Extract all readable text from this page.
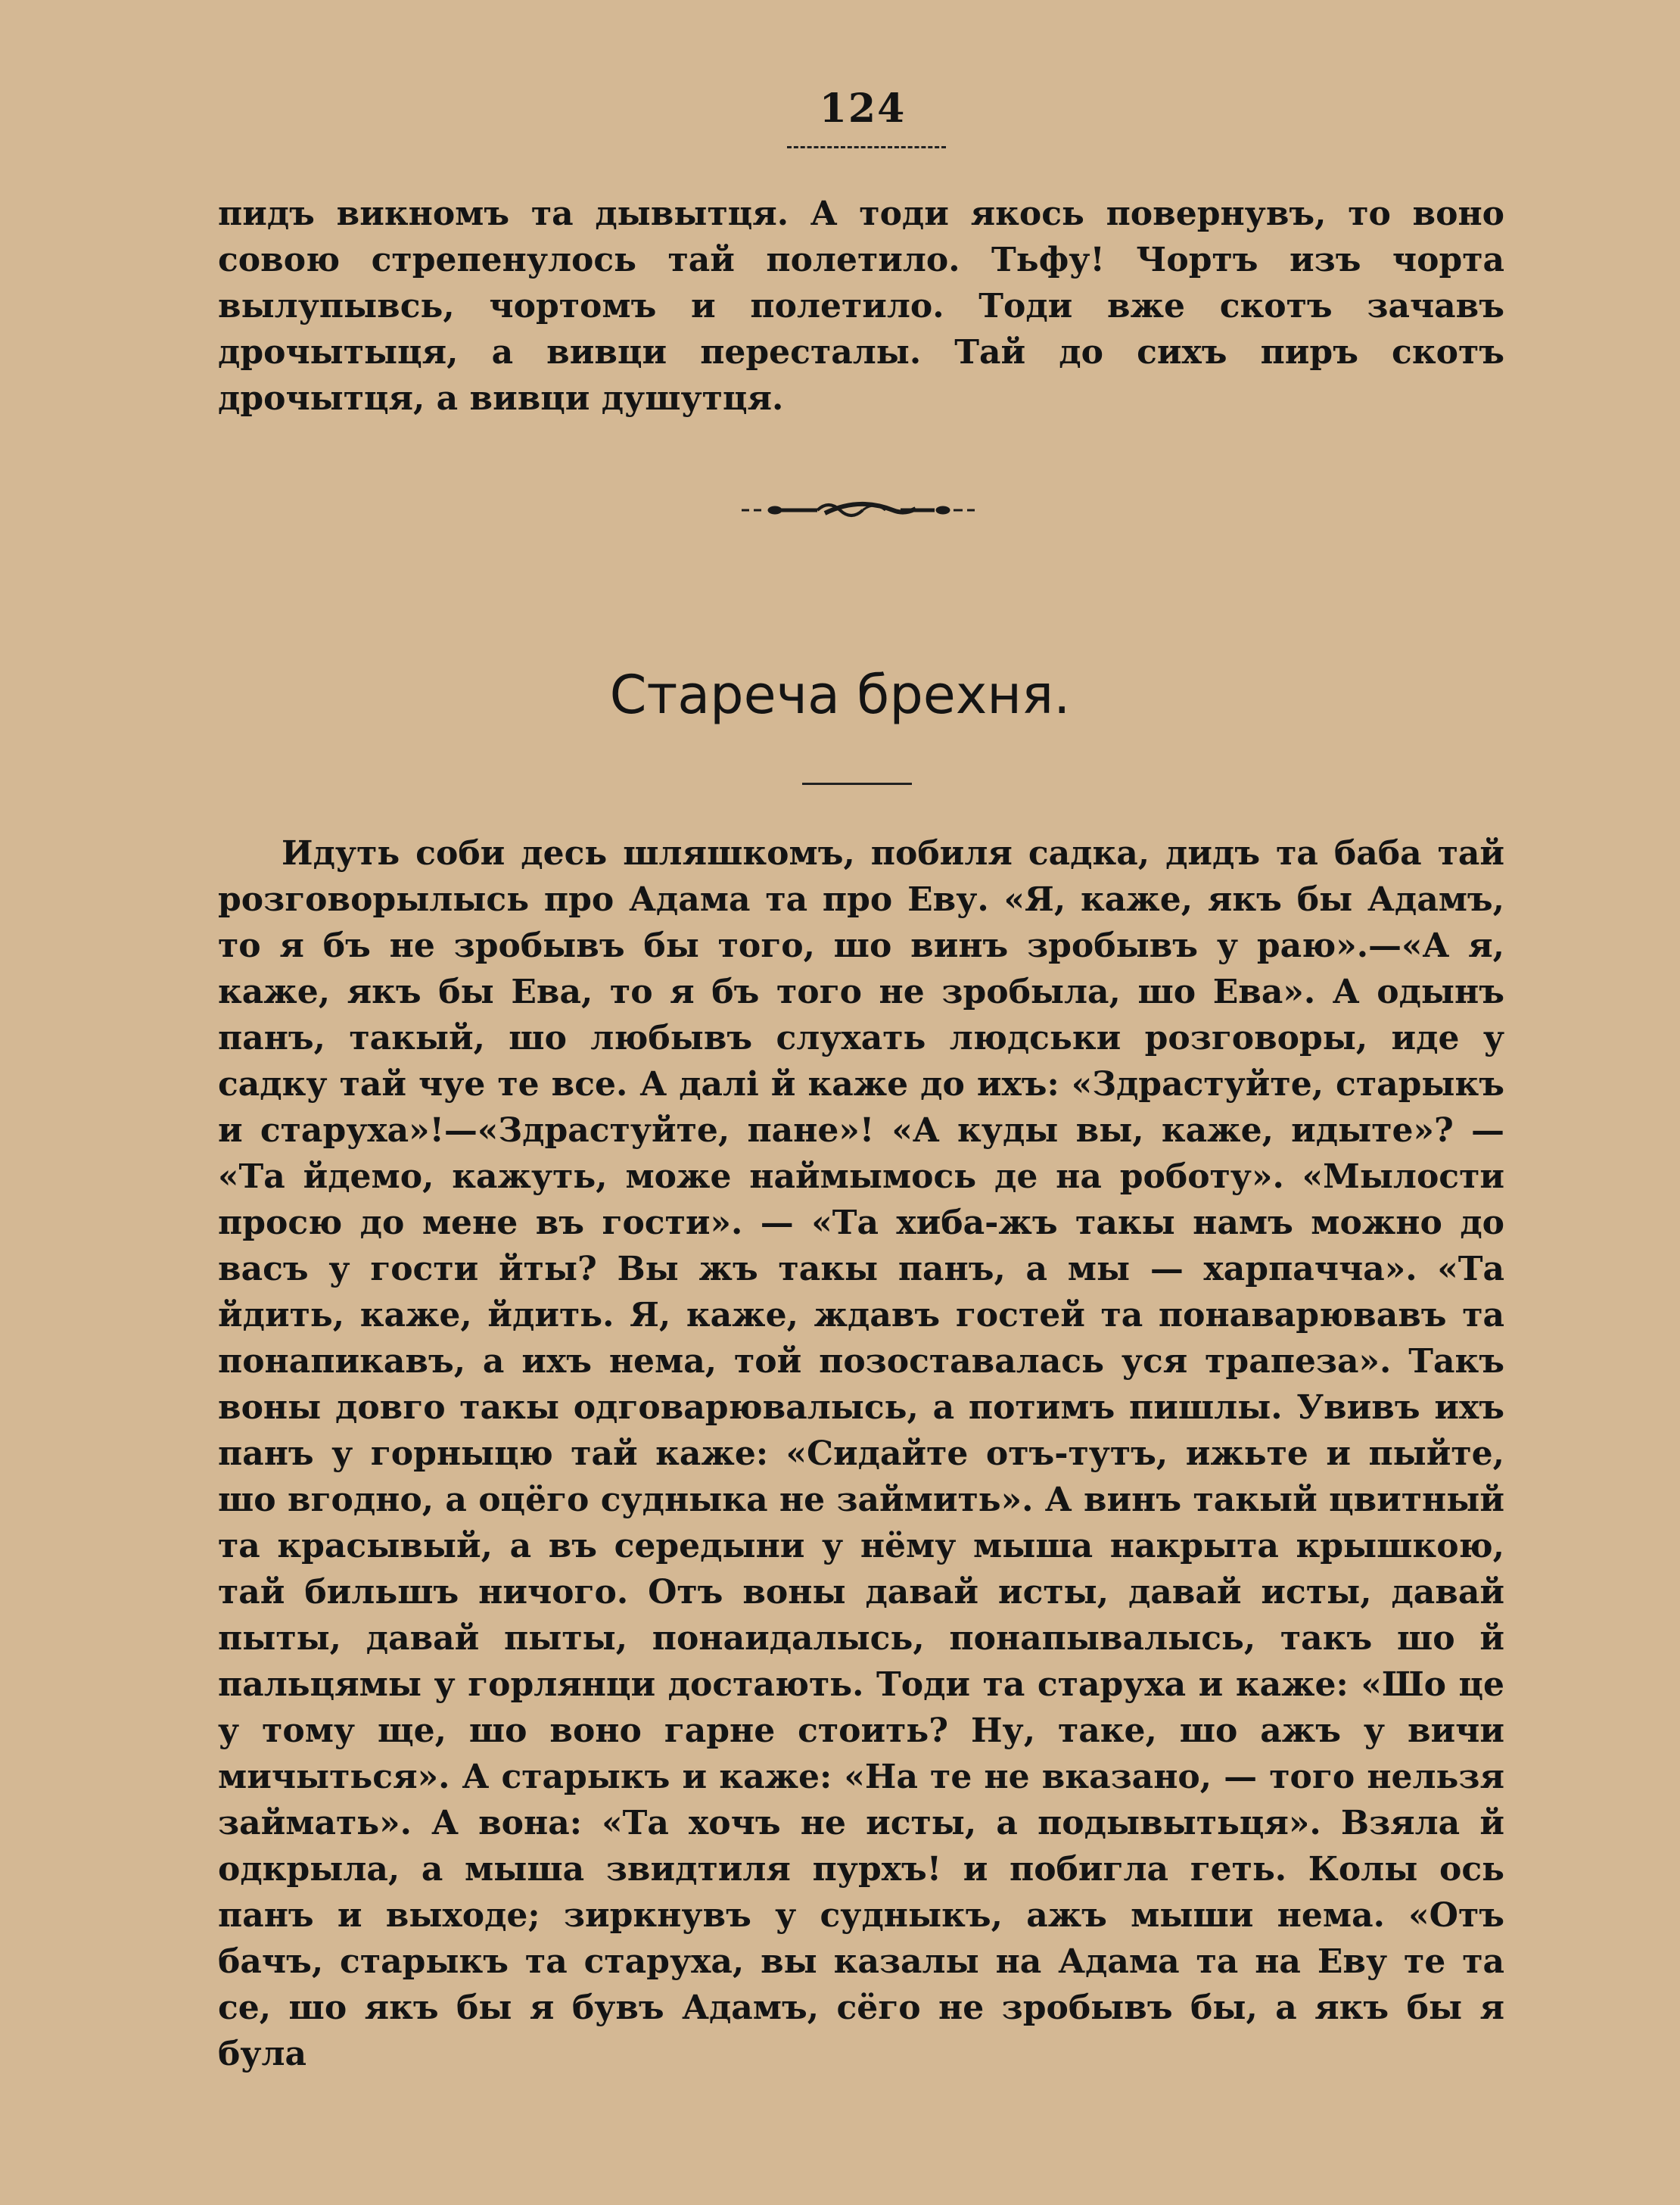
124

пидъ викномъ та дывытця. А тоди якось повернувъ, то воно совою стрепенулось тай полетило. Тьфу! Чортъ изъ чорта вылупывсь, чортомъ и полетило. Тоди вже скотъ зачавъ дрочытыця, а вивци пересталы. Тай до сихъ пиръ скотъ дрочытця, а вивци душутця.

Стареча брехня.

Идуть соби десь шляшкомъ, побиля садка, дидъ та баба тай розговорылысь про Адама та про Еву. «Я, каже, якъ бы Адамъ, то я бъ не зробывъ бы того, шо винъ зробывъ у раю».—«А я, каже, якъ бы Ева, то я бъ того не зробыла, шо Ева». А одынъ панъ, такый, шо любывъ слухать людськи розговоры, иде у садку тай чуе те все. А далі й каже до ихъ: «Здрастуйте, старыкъ и старуха»!—«Здрастуйте, пане»! «А куды вы, каже, идыте»? — «Та йдемо, кажуть, може наймымось де на роботу». «Мылости просю до мене въ гости». — «Та хиба-жъ такы намъ можно до васъ у гости йты? Вы жъ такы панъ, а мы — харпачча». «Та йдить, каже, йдить. Я, каже, ждавъ гостей та понаварювавъ та понапикавъ, а ихъ нема, той позоставалась уся трапеза». Такъ воны довго такы одговарювалысь, а потимъ пишлы. Увивъ ихъ панъ у горныцю тай каже: «Сидайте отъ-тутъ, ижьте и пыйте, шо вгодно, а оцёго судныка не займить». А винъ такый цвитный та красывый, а въ середыни у нёму мыша накрыта крышкою, тай бильшъ ничого. Отъ воны давай исты, давай исты, давай пыты, давай пыты, понаидалысь, понапывалысь, такъ шо й пальцямы у горлянци достають. Тоди та старуха и каже: «Шо це у тому ще, шо воно гарне стоить? Ну, таке, шо ажъ у вичи мичыться». А старыкъ и каже: «На те не вказано, — того нельзя займать». А вона: «Та хочъ не исты, а подывытьця». Взяла й одкрыла, а мыша звидтиля пурхъ! и побигла геть. Колы ось панъ и выходе; зиркнувъ у судныкъ, ажъ мыши нема. «Отъ бачъ, старыкъ та старуха, вы казалы на Адама та на Еву те та се, шо якъ бы я бувъ Адамъ, сёго не зробывъ бы, а якъ бы я була
